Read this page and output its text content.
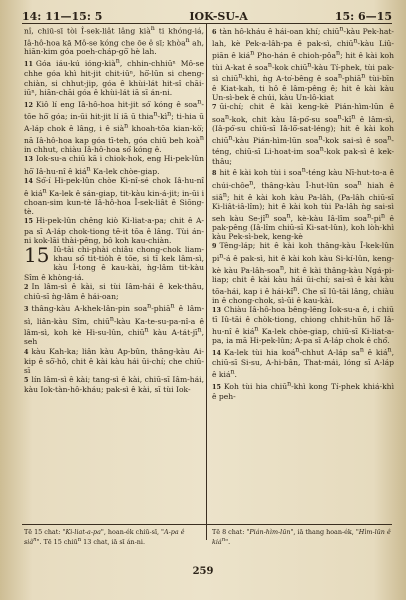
14: 11—15: 5	IOK-SU-A	15: 6—15

nî, chiū-sī tòi Î-sek-liât lâng kià$^n$ ti khóng-iá, Iâ-hô-hoa kā Mô-se kóng che ōe ê sī; khòa$^n$ ah, hiān-kim góa poeh-cháp-gō͘ hè lah.

11 Góa iáu-kú ióng-kià$^n$, chhin-chhiūⁿ Mô-se chhe góa khì hit-jit chit-iūⁿ, hō͘-lūn si cheng-chiàn, si chhut-jip, góa ê khùi-lát hit-sî chāi-iūⁿ, hiān-chāi góa ê khùi-lát iā sī án-ni.

12 Kiô lí eng Iâ-hô-hoa hit-jit só͘ kóng ê soa$^n$-tōe hō͘ góa; in-ūi hit-jit lí iā ū $thia^n-kì^n$; ti-hia ū A-láp chok ê lâng, i ê sià$^n$ khoah-tōa kian-kò͘; nā Iâ-hô-hoa kap góa tī-teh, góa chiū beh koà$^n$ in chhut, chiàu Iâ-hô-hoa só͘ kóng ê.

13 Iok-su-a chiū kā i chiok-hok, eng Hi-pek-lûn hō͘ Iâ-hu-nî ê kiá$^n$ Ka-lek chòe-giap.

14 Só͘-í Hi-pek-lûn chòe Ki-nî-sé chok Iâ-hu-nî ê kiá$^n$ Ka-lek ê sán-giap, tit-kàu kin-á-jit; in-ūi i choan-sim kun-tè Iâ-hô-hoa Î-sek-liât ê Siōng-tè.

15 Hi-pek-lûn chêng kiò Ki-liat-a-pa; chit ê A-pa sī A-láp chok-tiong tē-it tōa ê lâng. Tùi án-ni kok-lāi thài-pêng, bô koh kau-chiàn.

15 Iû-tāi chi-phài chiâu chong-chok liam-khau só͘ tit-tio̍h ê tōe, si tī kek lâm-sì, kàu Í-tong ê kau-kài, ǹg-lâm tit-kàu Sîm ê khòng-iá.

2 In lâm-sì ê kài, si tùi Iâm-hái ê kek-thâu, chiū-sī ǹg-lâm ê hái-oan;

3 thâng-kàu A-khek-lân-pin soa$^n$-phiā$^n$ ê lâm-sì, liân-kàu Sîm, chiū$^n$-kàu Ka-te-su-pa-nî-a ê lâm-sì, koh kè Hi-su-lûn, chiū$^n$ kàu $A-tát-jī^n$, seh

4 kàu Kah-ka; liân kàu Ap-bûn, thâng-kàu Ai-kip ê sō͘-hô, chit ê kài kàu hái ūi-chí; che chiū-sī

5 lín lâm-sì ê kài; tang-sì ê kài, chiū-sī Iâm-hái, kàu Iok-tàn-hô-kháu; pak-sì ê kài, sī tùi Iok-

6 tàn hô-kháu ê hái-oan khí; chiū$^n$-kàu Pek-hat-lah, kè Pek-a-lâh-pa ê pak-sì, chiū$^n$-kàu Liû-piān ê kiá$^n$ Pho-hán ê chioh-pôa$^n$; hit ê kài koh tùi A-kat ê soa$^n$-kok chiū$^n$-kàu Tí-phek, tùi pak-sì chiū$^n$-khì, ǹg A-to͘-bêng ê soa$^n$-phiā$^n$ tùi-bīn ê Kiat-kah, ti hô ê lâm-pêng ê; hit ê kài kàu Un-sì-bek ê chúi, kàu Un-lô-kiat

7 ūi-chí; chit ê kài keng-kè Pián-hìm-lūn ê soa$^n$-kok, chit kàu Iâ-pó͘-su $soa^n-kî^n$ ê lâm-sì, (Iâ-pó͘-su chiū-sī Iâ-lō͘-sat-léng); hit ê kài koh chiū$^n$-kàu Pián-hìm-lūn soa$^n$-kok sai-sì ê soa$^n$-téng, chiū-sī Li-hoat-im soa$^n$-kok pak-sì ê kek-thâu;

8 hit ê kài koh tùi i soa$^n$-téng kàu Nī-hut-to-a ê chúi-chôe$^n$, thâng-kàu Î-hut-lûn soa$^n$ hiah ê siâ$^n$; hit ê kài koh kàu Pa-lâh, (Pa-lâh chiū-sī Ki-liât-iâ-lîm); hit ê kài koh tùi Pa-lâh ǹg sai-sì seh kàu $Se-jî^n$ soa$^n$, kè-kàu Iâ-lîm $soa^n-pi^n$ ê pak-pêng (Iâ-lîm chiū-sī Ki-sat-lûn), koh lòh-khì kàu Pek-sì-bek, keng-kè

9 Têng-láp; hit ê kài koh thâng-kàu Î-kek-lûn $pi^n-á$ ê pak-sì, hit ê kài koh kàu Si-kí-lûn, keng-kè kàu Pa-lâh-soa$^n$, hit ê kài thâng-kàu Ngá-pi-liap; chit ê kài kàu hái ūi-chí; sai-sì ê kài kàu tōa-hái, kap i ê hái-$kî^n$. Che sī Iû-tāi lâng, chiàu in ê chong-chok, sì-ūi ê kau-kài.

13 Chiàu Iâ-hô-hoa bêng-lēng Iok-su-a ê, i chiū tī Iû-tāi ê chòk-tiong, chiong chhit-hūn hō͘ Iâ-hu-nî ê kiá$^n$ Ka-lek chòe-giap, chiū-sī Ki-liat-a-pa, ia mā Hi-pek-lûn; A-pa sī A-láp chok ê chó͘.

14 Ka-lek tùi hia koá$^n$-chhut A-láp $sa^n$ ê kiá$^n$, chiū-sī Si-su, A-hi-bân, That-mái, lóng sī A-láp ê kiá$^n$.

15 Koh tùi hia chiū$^n$-khì kong Tí-phek khiá-khì ê peh-

Tē 15 chat: "Ki-liat-a-pa", hoan-ék chiū-sī, "A-pa ê siâ$^n$". Tē 15 chiū$^n$ 13 chat, iā sī án-ni.
Tē 8 chat: "Pián-hìm-lūn", iā thang hoan-ék, "Hìm-lūn ê kiá$^n$".
259
